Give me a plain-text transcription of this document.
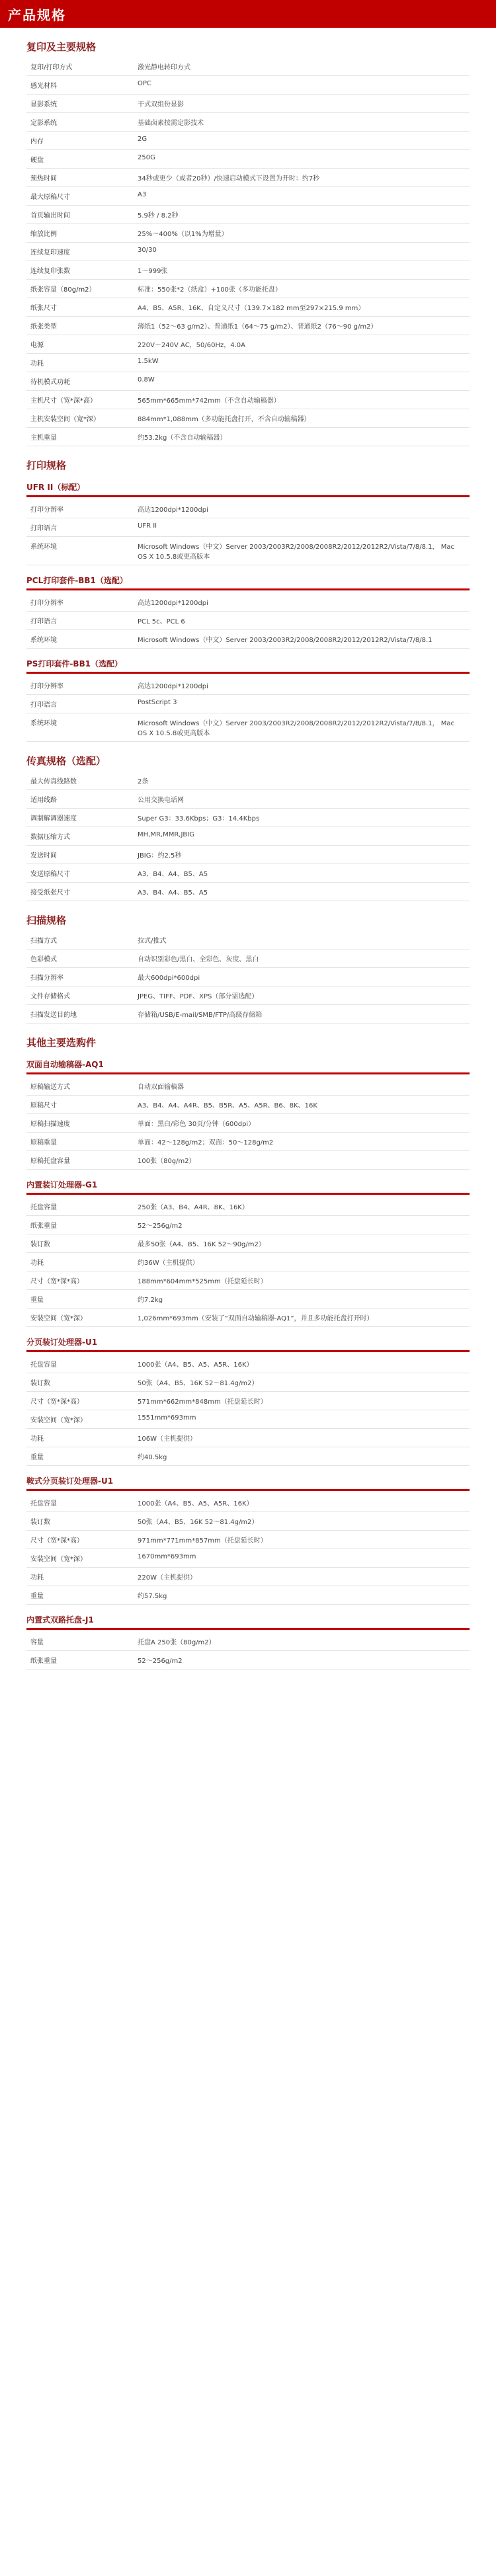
产品规格
复印及主要规格
复印/打印方式	激光静电转印方式
感光材料	OPC
显影系统	干式双组份显影
定影系统	基础卤素按需定影技术
内存	2G
硬盘	250G
预热时间	34秒或更少（或者20秒）/快速启动模式下设置为开时：约7秒
最大原稿尺寸	A3
首页输出时间	5.9秒 / 8.2秒
缩放比例	25%～400%（以1%为增量）
连续复印速度	30/30
连续复印张数	1～999张
纸张容量（80g/m2）	标准：550张*2（纸盒）+100张（多功能托盘）
纸张尺寸	A4、B5、A5R、16K、自定义尺寸（139.7×182 mm至297×215.9 mm）
纸张类型	薄纸1（52～63 g/m2）、普通纸1（64～75 g/m2）、普通纸2（76～90 g/m2）
电源	220V～240V AC，50/60Hz，4.0A
功耗	1.5kW
待机模式功耗	0.8W
主机尺寸（宽*深*高）	565mm*665mm*742mm（不含自动输稿器）
主机安装空间（宽*深）	884mm*1,088mm（多功能托盘打开，不含自动输稿器）
主机重量	约53.2kg（不含自动输稿器）
打印规格
UFR II（标配）
打印分辨率	高达1200dpi*1200dpi
打印语言	UFR II
系统环境	Microsoft Windows（中文）Server 2003/2003R2/2008/2008R2/2012/2012R2/Vista/7/8/8.1， Mac OS X 10.5.8或更高版本
PCL打印套件-BB1（选配）
打印分辨率	高达1200dpi*1200dpi
打印语言	PCL 5c、PCL 6
系统环境	Microsoft Windows（中文）Server 2003/2003R2/2008/2008R2/2012/2012R2/Vista/7/8/8.1
PS打印套件-BB1（选配）
打印分辨率	高达1200dpi*1200dpi
打印语言	PostScript 3
系统环境	Microsoft Windows（中文）Server 2003/2003R2/2008/2008R2/2012/2012R2/Vista/7/8/8.1， Mac OS X 10.5.8或更高版本
传真规格（选配）
最大传真线路数	2条
适用线路	公用交换电话网
调制解调器速度	Super G3：33.6Kbps；G3：14.4Kbps
数据压缩方式	MH,MR,MMR,JBIG
发送时间	JBIG：约2.5秒
发送原稿尺寸	A3、B4、A4、B5、A5
接受纸张尺寸	A3、B4、A4、B5、A5
扫描规格
扫描方式	拉式/推式
色彩模式	自动识别彩色/黑白、全彩色、灰度、黑白
扫描分辨率	最大600dpi*600dpi
文件存储格式	JPEG、TIFF、PDF、XPS（部分需选配）
扫描发送目的地	存储箱/USB/E-mail/SMB/FTP/高级存储箱
其他主要选购件
双面自动输稿器-AQ1
原稿输送方式	自动双面输稿器
原稿尺寸	A3、B4、A4、A4R、B5、B5R、A5、A5R、B6、8K、16K
原稿扫描速度	单面：黑白/彩色 30页/分钟（600dpi）
原稿重量	单面：42～128g/m2；双面：50～128g/m2
原稿托盘容量	100张（80g/m2）
内置装订处理器-G1
托盘容量	250张（A3、B4、A4R、8K、16K）
纸张重量	52～256g/m2
装订数	最多50张（A4、B5、16K 52～90g/m2）
功耗	约36W（主机提供）
尺寸（宽*深*高）	188mm*604mm*525mm（托盘延长时）
重量	约7.2kg
安装空间（宽*深）	1,026mm*693mm（安装了“双面自动输稿器-AQ1”，并且多功能托盘打开时）
分页装订处理器-U1
托盘容量	1000张（A4、B5、A5、A5R、16K）
装订数	50张（A4、B5、16K 52～81.4g/m2）
尺寸（宽*深*高）	571mm*662mm*848mm（托盘延长时）
安装空间（宽*深）	1551mm*693mm
功耗	106W（主机提供）
重量	约40.5kg
鞍式分页装订处理器-U1
托盘容量	1000张（A4、B5、A5、A5R、16K）
装订数	50张（A4、B5、16K 52～81.4g/m2）
尺寸（宽*深*高）	971mm*771mm*857mm（托盘延长时）
安装空间（宽*深）	1670mm*693mm
功耗	220W（主机提供）
重量	约57.5kg
内置式双路托盘-J1
容量	托盘A 250张（80g/m2）
纸张重量	52～256g/m2
